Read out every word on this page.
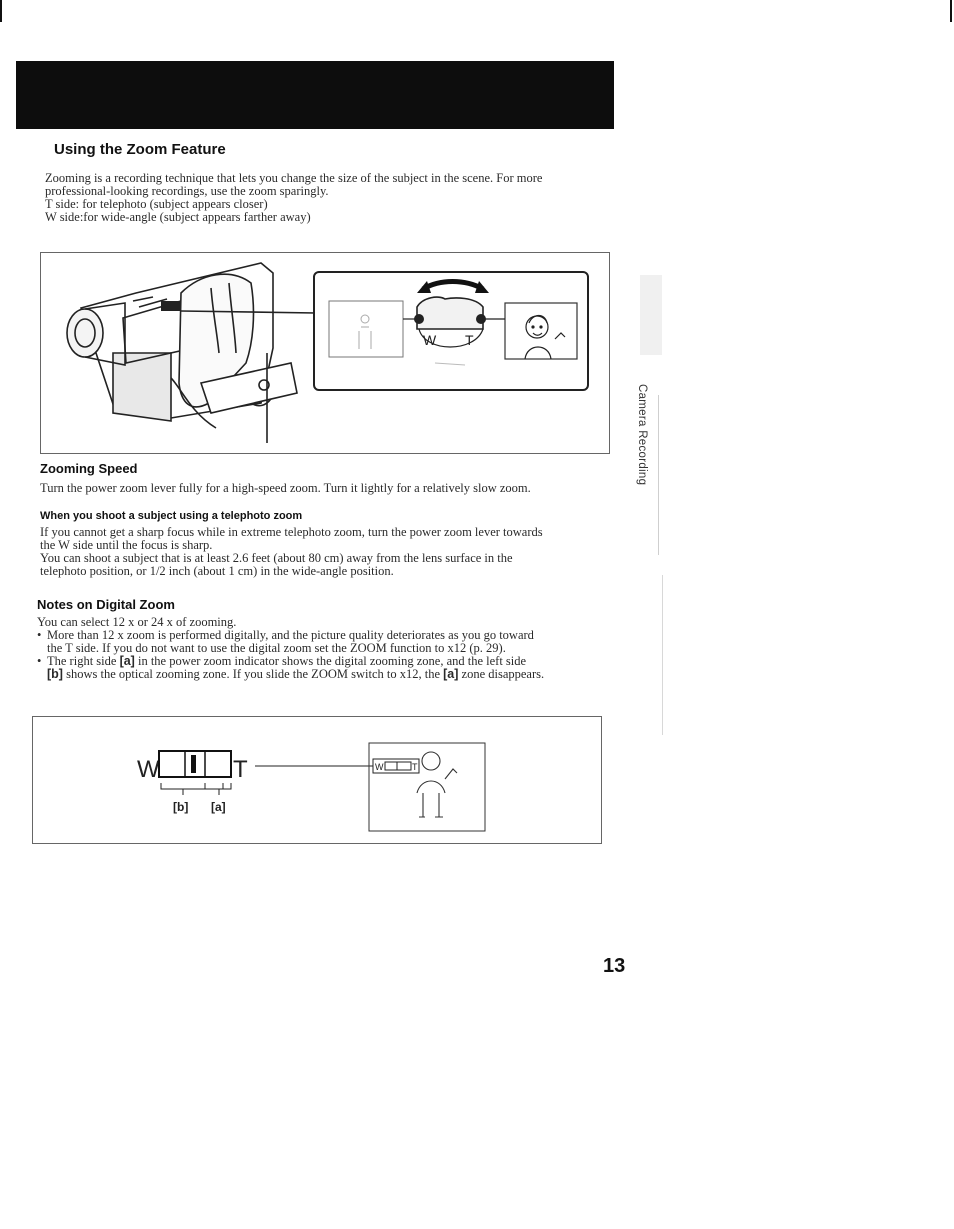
Using the Zoom Feature

Zooming is a recording technique that lets you change the size of the subject in the scene. For more

professional-looking recordings, use the zoom sparingly.

T side: for telephoto (subject appears closer)

W side:for wide-angle (subject appears farther away)

W T
Camera Recording
Zooming Speed
Turn the power zoom lever fully for a high-speed zoom. Turn it lightly for a relatively slow zoom.
When you shoot a subject using a telephoto zoom

If you cannot get a sharp focus while in extreme telephoto zoom, turn the power zoom lever towards

the W side until the focus is sharp.

You can shoot a subject that is at least 2.6 feet (about 80 cm) away from the lens surface in the

telephoto position, or 1/2 inch (about 1 cm) in the wide-angle position.

Notes on Digital Zoom

You can select 12 x or 24 x of zooming.

• More than 12 x zoom is performed digitally, and the picture quality deteriorates as you go toward

the T side. If you do not want to use the digital zoom set the ZOOM function to x12 (p. 29).

• The right side [a] in the power zoom indicator shows the digital zooming zone, and the left side

[b] shows the optical zooming zone. If you slide the ZOOM switch to x12, the [a] zone disappears.

W	T
[b] [a]
W	T
13
